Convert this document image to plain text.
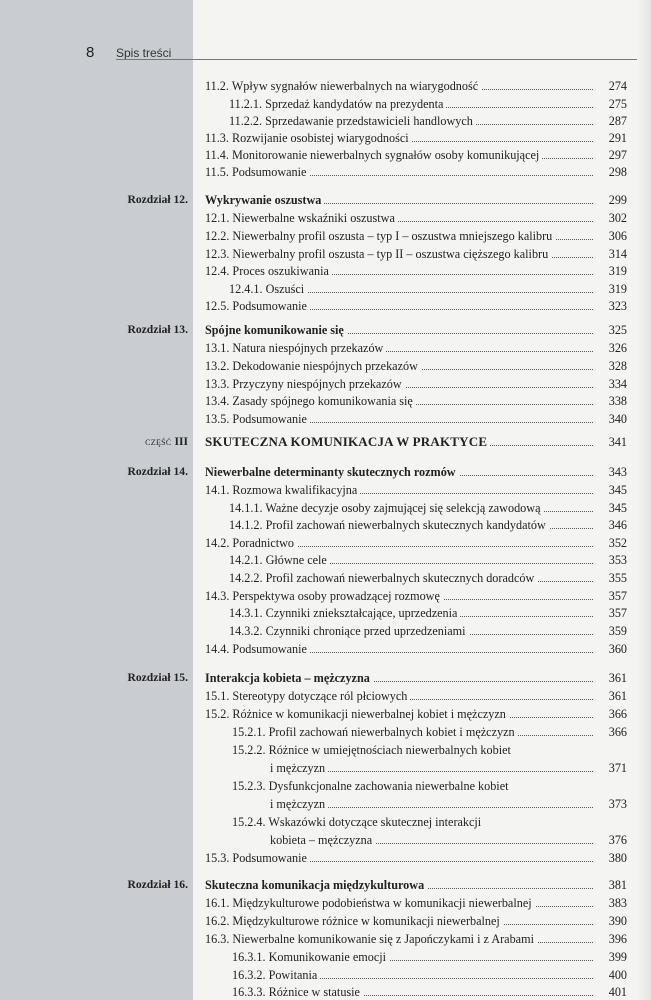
8 Spis treści
11.2. Wpływ sygnałów niewerbalnych na wiarygodność	274
11.2.1. Sprzedaż kandydatów na prezydenta	275
11.2.2. Sprzedawanie przedstawicieli handlowych	287
11.3. Rozwijanie osobistej wiarygodności	291
11.4. Monitorowanie niewerbalnych sygnałów osoby komunikującej	297
11.5. Podsumowanie	298
Rozdział 12. Wykrywanie oszustwa	299
12.1. Niewerbalne wskaźniki oszustwa	302
12.2. Niewerbalny profil oszusta – typ I – oszustwa mniejszego kalibru	306
12.3. Niewerbalny profil oszusta – typ II – oszustwa cięższego kalibru	314
12.4. Proces oszukiwania	319
12.4.1. Oszuści	319
12.5. Podsumowanie	323
Rozdział 13. Spójne komunikowanie się	325
13.1. Natura niespójnych przekazów	326
13.2. Dekodowanie niespójnych przekazów	328
13.3. Przyczyny niespójnych przekazów	334
13.4. Zasady spójnego komunikowania się	338
13.5. Podsumowanie	340
CZĘŚĆ III SKUTECZNA KOMUNIKACJA W PRAKTYCE	341
Rozdział 14. Niewerbalne determinanty skutecznych rozmów	343
14.1. Rozmowa kwalifikacyjna	345
14.1.1. Ważne decyzje osoby zajmującej się selekcją zawodową	345
14.1.2. Profil zachowań niewerbalnych skutecznych kandydatów	346
14.2. Poradnictwo	352
14.2.1. Główne cele	353
14.2.2. Profil zachowań niewerbalnych skutecznych doradców	355
14.3. Perspektywa osoby prowadzącej rozmowę	357
14.3.1. Czynniki zniekształcające, uprzedzenia	357
14.3.2. Czynniki chroniące przed uprzedzeniami	359
14.4. Podsumowanie	360
Rozdział 15. Interakcja kobieta – mężczyzna	361
15.1. Stereotypy dotyczące ról płciowych	361
15.2. Różnice w komunikacji niewerbalnej kobiet i mężczyzn	366
15.2.1. Profil zachowań niewerbalnych kobiet i mężczyzn	366
15.2.2. Różnice w umiejętnościach niewerbalnych kobiet
i mężczyzn	371
15.2.3. Dysfunkcjonalne zachowania niewerbalne kobiet
i mężczyzn	373
15.2.4. Wskazówki dotyczące skutecznej interakcji
kobieta – mężczyzna	376
15.3. Podsumowanie	380
Rozdział 16. Skuteczna komunikacja międzykulturowa	381
16.1. Międzykulturowe podobieństwa w komunikacji niewerbalnej	383
16.2. Międzykulturowe różnice w komunikacji niewerbalnej	390
16.3. Niewerbalne komunikowanie się z Japończykami i z Arabami	396
16.3.1. Komunikowanie emocji	399
16.3.2. Powitania	400
16.3.3. Różnice w statusie	401
